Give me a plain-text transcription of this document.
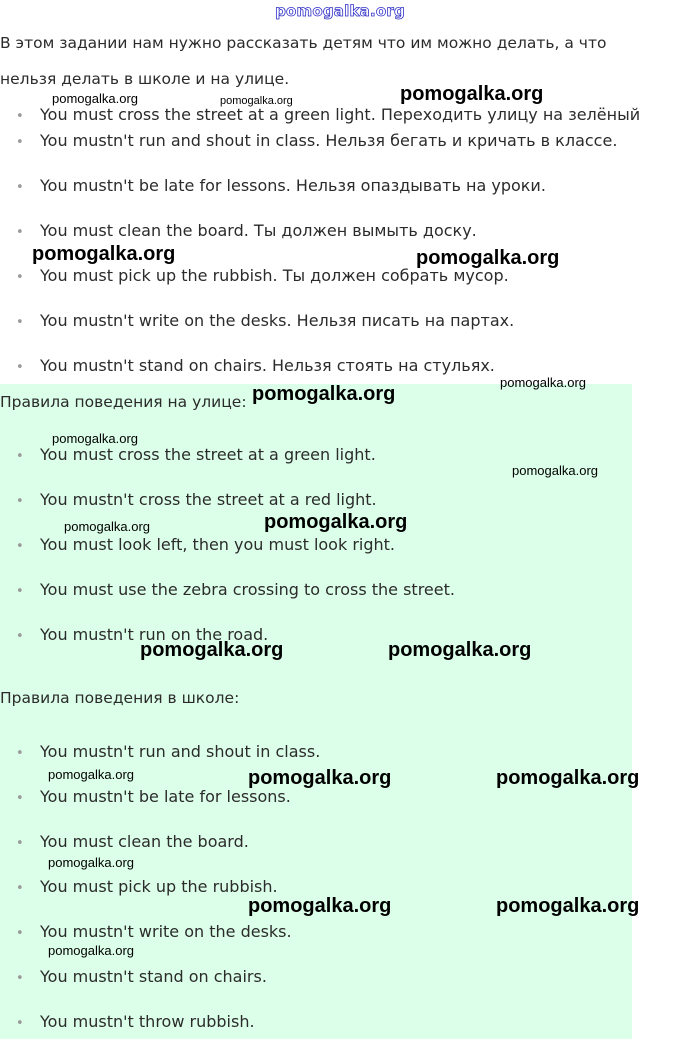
pomogalka.org
В этом задании нам нужно рассказать детям что им можно делать, а что
нельзя делать в школе и на улице.
• You must cross the street at a green light. Переходить улицу на зелёный
• You mustn't run and shout in class. Нельзя бегать и кричать в классе.
• You mustn't be late for lessons. Нельзя опаздывать на уроки.
• You must clean the board. Ты должен вымыть доску.
• You must pick up the rubbish. Ты должен собрать мусор.
• You mustn't write on the desks. Нельзя писать на партах.
• You mustn't stand on chairs. Нельзя стоять на стульях.
Правила поведения на улице:
• You must cross the street at a green light.
• You mustn't cross the street at a red light.
• You must look left, then you must look right.
• You must use the zebra crossing to cross the street.
• You mustn't run on the road.
Правила поведения в школе:
• You mustn't run and shout in class.
• You mustn't be late for lessons.
• You must clean the board.
• You must pick up the rubbish.
• You mustn't write on the desks.
• You mustn't stand on chairs.
• You mustn't throw rubbish.
pomogalka.org	pomogalka.org	pomogalka.org
pomogalka.org	pomogalka.org
pomogalka.org
pomogalka.org
pomogalka.org
pomogalka.org
pomogalka.org	pomogalka.org
pomogalka.org	pomogalka.org
pomogalka.org	pomogalka.org	pomogalka.org
pomogalka.org
pomogalka.org	pomogalka.org
pomogalka.org
